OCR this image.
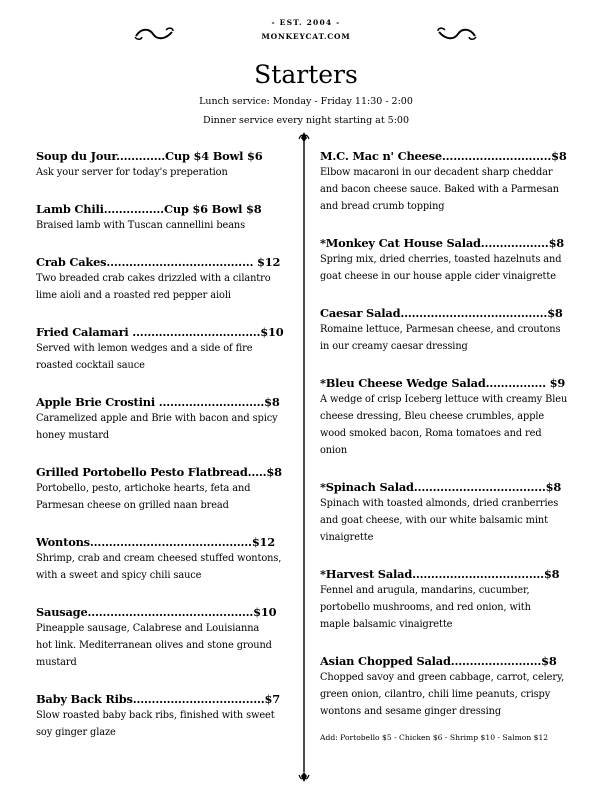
- EST. 2004 -
MONKEYCAT.COM
Starters
Lunch service: Monday - Friday 11:30 - 2:00
Dinner service every night starting at 5:00
Soup du Jour.............Cup $4 Bowl $6
Ask your server for today's preperation
Lamb Chili................Cup $6 Bowl $8
Braised lamb with Tuscan cannellini beans
Crab Cakes....................................... $12
Two breaded crab cakes drizzled with a cilantro
lime aioli and a roasted red pepper aioli
Fried Calamari ..................................$10
Served with lemon wedges and a side of fire
roasted cocktail sauce
Apple Brie Crostini ............................$8
Caramelized apple and Brie with bacon and spicy
honey mustard
Grilled Portobello Pesto Flatbread.....$8
Portobello, pesto, artichoke hearts, feta and
Parmesan cheese on grilled naan bread
Wontons...........................................$12
Shrimp, crab and cream cheesed stuffed wontons,
with a sweet and spicy chili sauce
Sausage............................................$10
Pineapple sausage, Calabrese and Louisianna
hot link. Mediterranean olives and stone ground
mustard
Baby Back Ribs...................................$7
Slow roasted baby back ribs, finished with sweet
soy ginger glaze
M.C. Mac n' Cheese.............................$8
Elbow macaroni in our decadent sharp cheddar
and bacon cheese sauce. Baked with a Parmesan
and bread crumb topping
*Monkey Cat House Salad..................$8
Spring mix, dried cherries, toasted hazelnuts and
goat cheese in our house apple cider vinaigrette
Caesar Salad.......................................$8
Romaine lettuce, Parmesan cheese, and croutons
in our creamy caesar dressing
*Bleu Cheese Wedge Salad................ $9
A wedge of crisp Iceberg lettuce with creamy Bleu
cheese dressing, Bleu cheese crumbles, apple
wood smoked bacon, Roma tomatoes and red
onion
*Spinach Salad...................................$8
Spinach with toasted almonds, dried cranberries
and goat cheese, with our white balsamic mint
vinaigrette
*Harvest Salad...................................$8
Fennel and arugula, mandarins, cucumber,
portobello mushrooms, and red onion, with
maple balsamic vinaigrette
Asian Chopped Salad........................$8
Chopped savoy and green cabbage, carrot, celery,
green onion, cilantro, chili lime peanuts, crispy
wontons and sesame ginger dressing
Add: Portobello $5 - Chicken $6 - Shrimp $10 - Salmon $12
